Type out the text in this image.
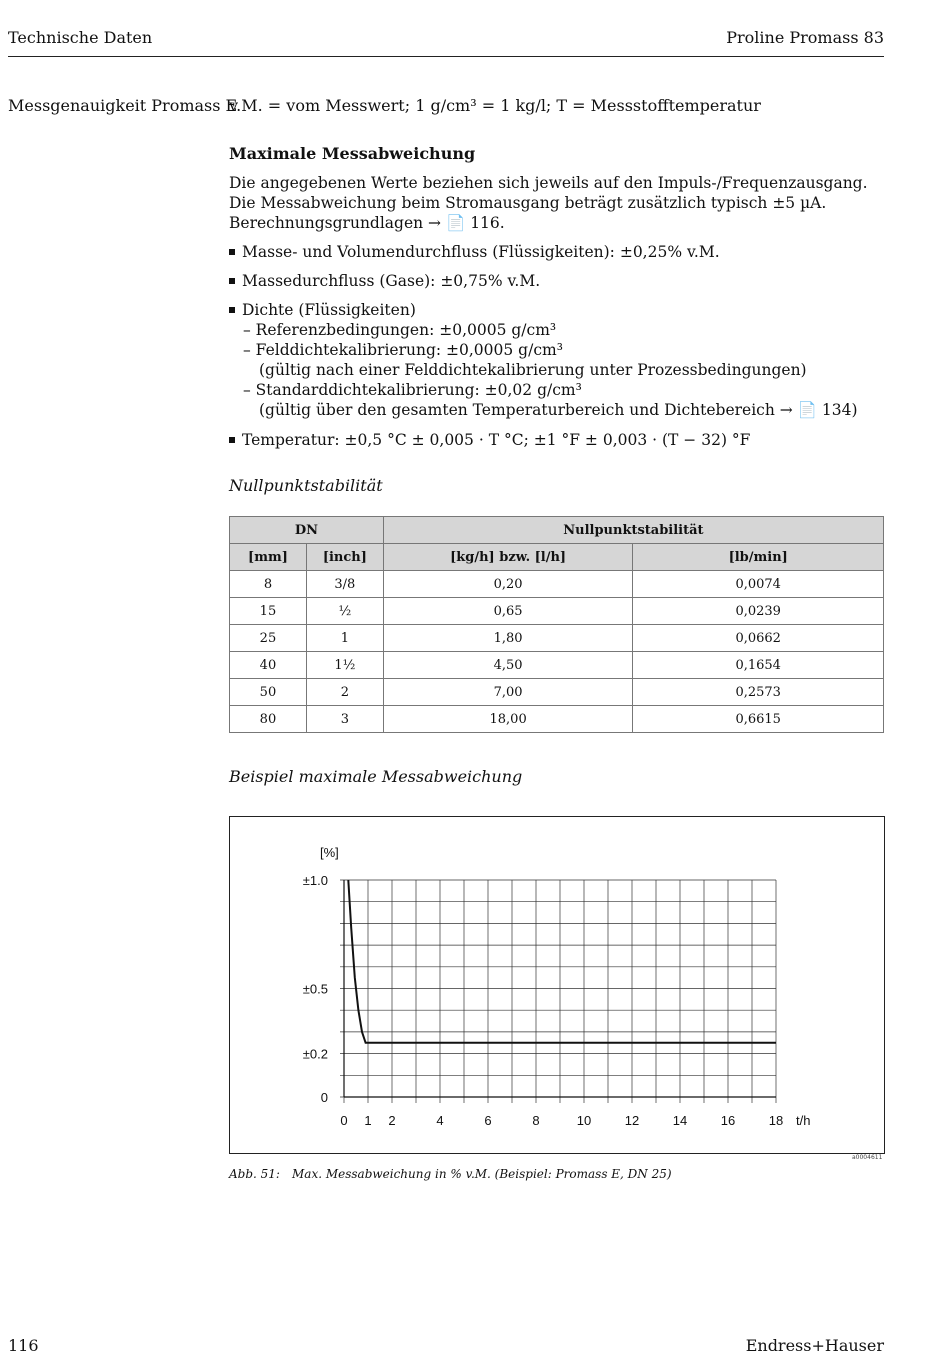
Technische Daten	Proline Promass 83
Messgenauigkeit Promass E
v.M. = vom Messwert; 1 g/cm³ = 1 kg/l; T = Messstofftemperatur
Maximale Messabweichung
Die angegebenen Werte beziehen sich jeweils auf den Impuls-/Frequenzausgang.
Die Messabweichung beim Stromausgang beträgt zusätzlich typisch ±5 µA.
Berechnungsgrundlagen → 📄 116.
Masse- und Volumendurchfluss (Flüssigkeiten): ±0,25% v.M.
Massedurchfluss (Gase): ±0,75% v.M.
Dichte (Flüssigkeiten)
– Referenzbedingungen: ±0,0005 g/cm³
– Felddichtekalibrierung: ±0,0005 g/cm³
(gültig nach einer Felddichtekalibrierung unter Prozessbedingungen)
– Standarddichtekalibrierung: ±0,02 g/cm³
(gültig über den gesamten Temperaturbereich und Dichtebereich → 📄 134)
Temperatur: ±0,5 °C ± 0,005 · T °C; ±1 °F ± 0,003 · (T − 32) °F
Nullpunktstabilität
DN		Nullpunktstabilität	
[mm]	[inch]	[kg/h] bzw. [l/h]	[lb/min]
8	3/8	0,20	0,0074
15	½	0,65	0,0239
25	1	1,80	0,0662
40	1½	4,50	0,1654
50	2	7,00	0,2573
80	3	18,00	0,6615
Beispiel maximale Messabweichung
0
±0.2
±0.5
±1.0
0 1 2	4	6	8	10	12	14	16	18
[%]
t/h
a0004611
Abb. 51: Max. Messabweichung in % v.M. (Beispiel: Promass E, DN 25)
116	Endress+Hauser
